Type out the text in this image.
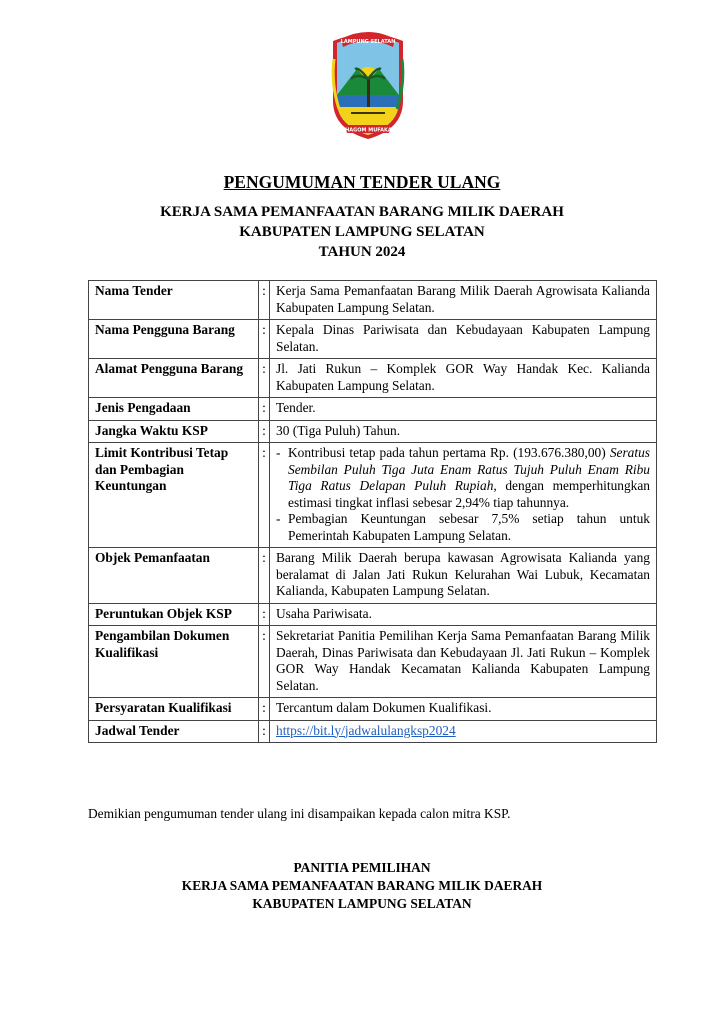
LAMPUNG SELATAN
KHAGOM MUFAKAT
PENGUMUMAN TENDER ULANG
KERJA SAMA PEMANFAATAN BARANG MILIK DAERAH
KABUPATEN LAMPUNG SELATAN
TAHUN 2024
Nama Tender	:	Kerja Sama Pemanfaatan Barang Milik Daerah Agrowisata Kalianda Kabupaten Lampung Selatan.
Nama Pengguna Barang	:	Kepala Dinas Pariwisata dan Kebudayaan Kabupaten Lampung Selatan.
Alamat Pengguna Barang	:	Jl. Jati Rukun – Komplek GOR Way Handak Kec. Kalianda Kabupaten Lampung Selatan.
Jenis Pengadaan	:	Tender.
Jangka Waktu KSP	:	30 (Tiga Puluh) Tahun.
Limit Kontribusi Tetap dan Pembagian Keuntungan	:	- Kontribusi tetap pada tahun pertama Rp. (193.676.380,00) Seratus Sembilan Puluh Tiga Juta Enam Ratus Tujuh Puluh Enam Ribu Tiga Ratus Delapan Puluh Rupiah, dengan memperhitungkan estimasi tingkat inflasi sebesar 2,94% tiap tahunnya.
- Pembagian Keuntungan sebesar 7,5% setiap tahun untuk Pemerintah Kabupaten Lampung Selatan.

Objek Pemanfaatan	:	Barang Milik Daerah berupa kawasan Agrowisata Kalianda yang beralamat di Jalan Jati Rukun Kelurahan Wai Lubuk, Kecamatan Kalianda, Kabupaten Lampung Selatan.
Peruntukan Objek KSP	:	Usaha Pariwisata.
Pengambilan Dokumen Kualifikasi	:	Sekretariat Panitia Pemilihan Kerja Sama Pemanfaatan Barang Milik Daerah, Dinas Pariwisata dan Kebudayaan Jl. Jati Rukun – Komplek GOR Way Handak Kecamatan Kalianda Kabupaten Lampung Selatan.
Persyaratan Kualifikasi	:	Tercantum dalam Dokumen Kualifikasi.
Jadwal Tender	:	https://bit.ly/jadwalulangksp2024
Demikian pengumuman tender ulang ini disampaikan kepada calon mitra KSP.
PANITIA PEMILIHAN
KERJA SAMA PEMANFAATAN BARANG MILIK DAERAH
KABUPATEN LAMPUNG SELATAN
